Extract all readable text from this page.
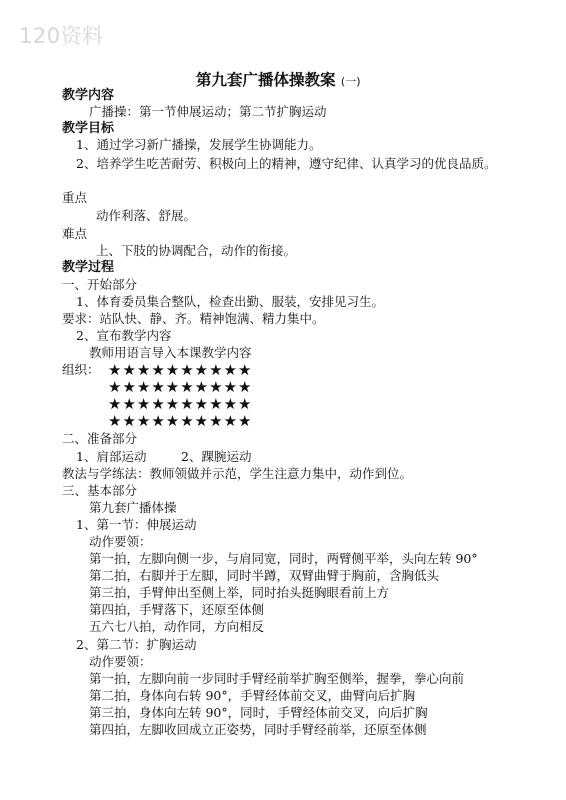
120资料
第九套广播体操教案 (一)
教学内容
广播操：第一节伸展运动；第二节扩胸运动
教学目标
1、通过学习新广播操，发展学生协调能力。
2、培养学生吃苦耐劳、积极向上的精神，遵守纪律、认真学习的优良品质。
重点
动作利落、舒展。
难点
上、下肢的协调配合，动作的衔接。
教学过程
一、开始部分
1、体育委员集合整队，检查出勤、服装，安排见习生。
要求：站队快、静、齐。精神饱满、精力集中。
2、宣布教学内容
教师用语言导入本课教学内容
组织： ★★★★★★★★★★
★★★★★★★★★★
★★★★★★★★★★
★★★★★★★★★★
二、准备部分
1、肩部运动	2、踝腕运动
教法与学练法：教师领做并示范，学生注意力集中，动作到位。
三、基本部分
第九套广播体操
1、第一节：伸展运动
动作要领：
第一拍，左脚向侧一步，与肩同宽，同时，两臂侧平举，头向左转 90°
第二拍，右脚并于左脚，同时半蹲，双臂曲臂于胸前，含胸低头
第三拍，手臂伸出至侧上举，同时抬头挺胸眼看前上方
第四拍，手臂落下，还原至体侧
五六七八拍，动作同，方向相反
2、第二节：扩胸运动
动作要领：
第一拍，左脚向前一步同时手臂经前举扩胸至侧举，握拳，拳心向前
第二拍，身体向右转 90°，手臂经体前交叉，曲臂向后扩胸
第三拍，身体向左转 90°，同时，手臂经体前交叉，向后扩胸
第四拍，左脚收回成立正姿势，同时手臂经前举，还原至体侧
